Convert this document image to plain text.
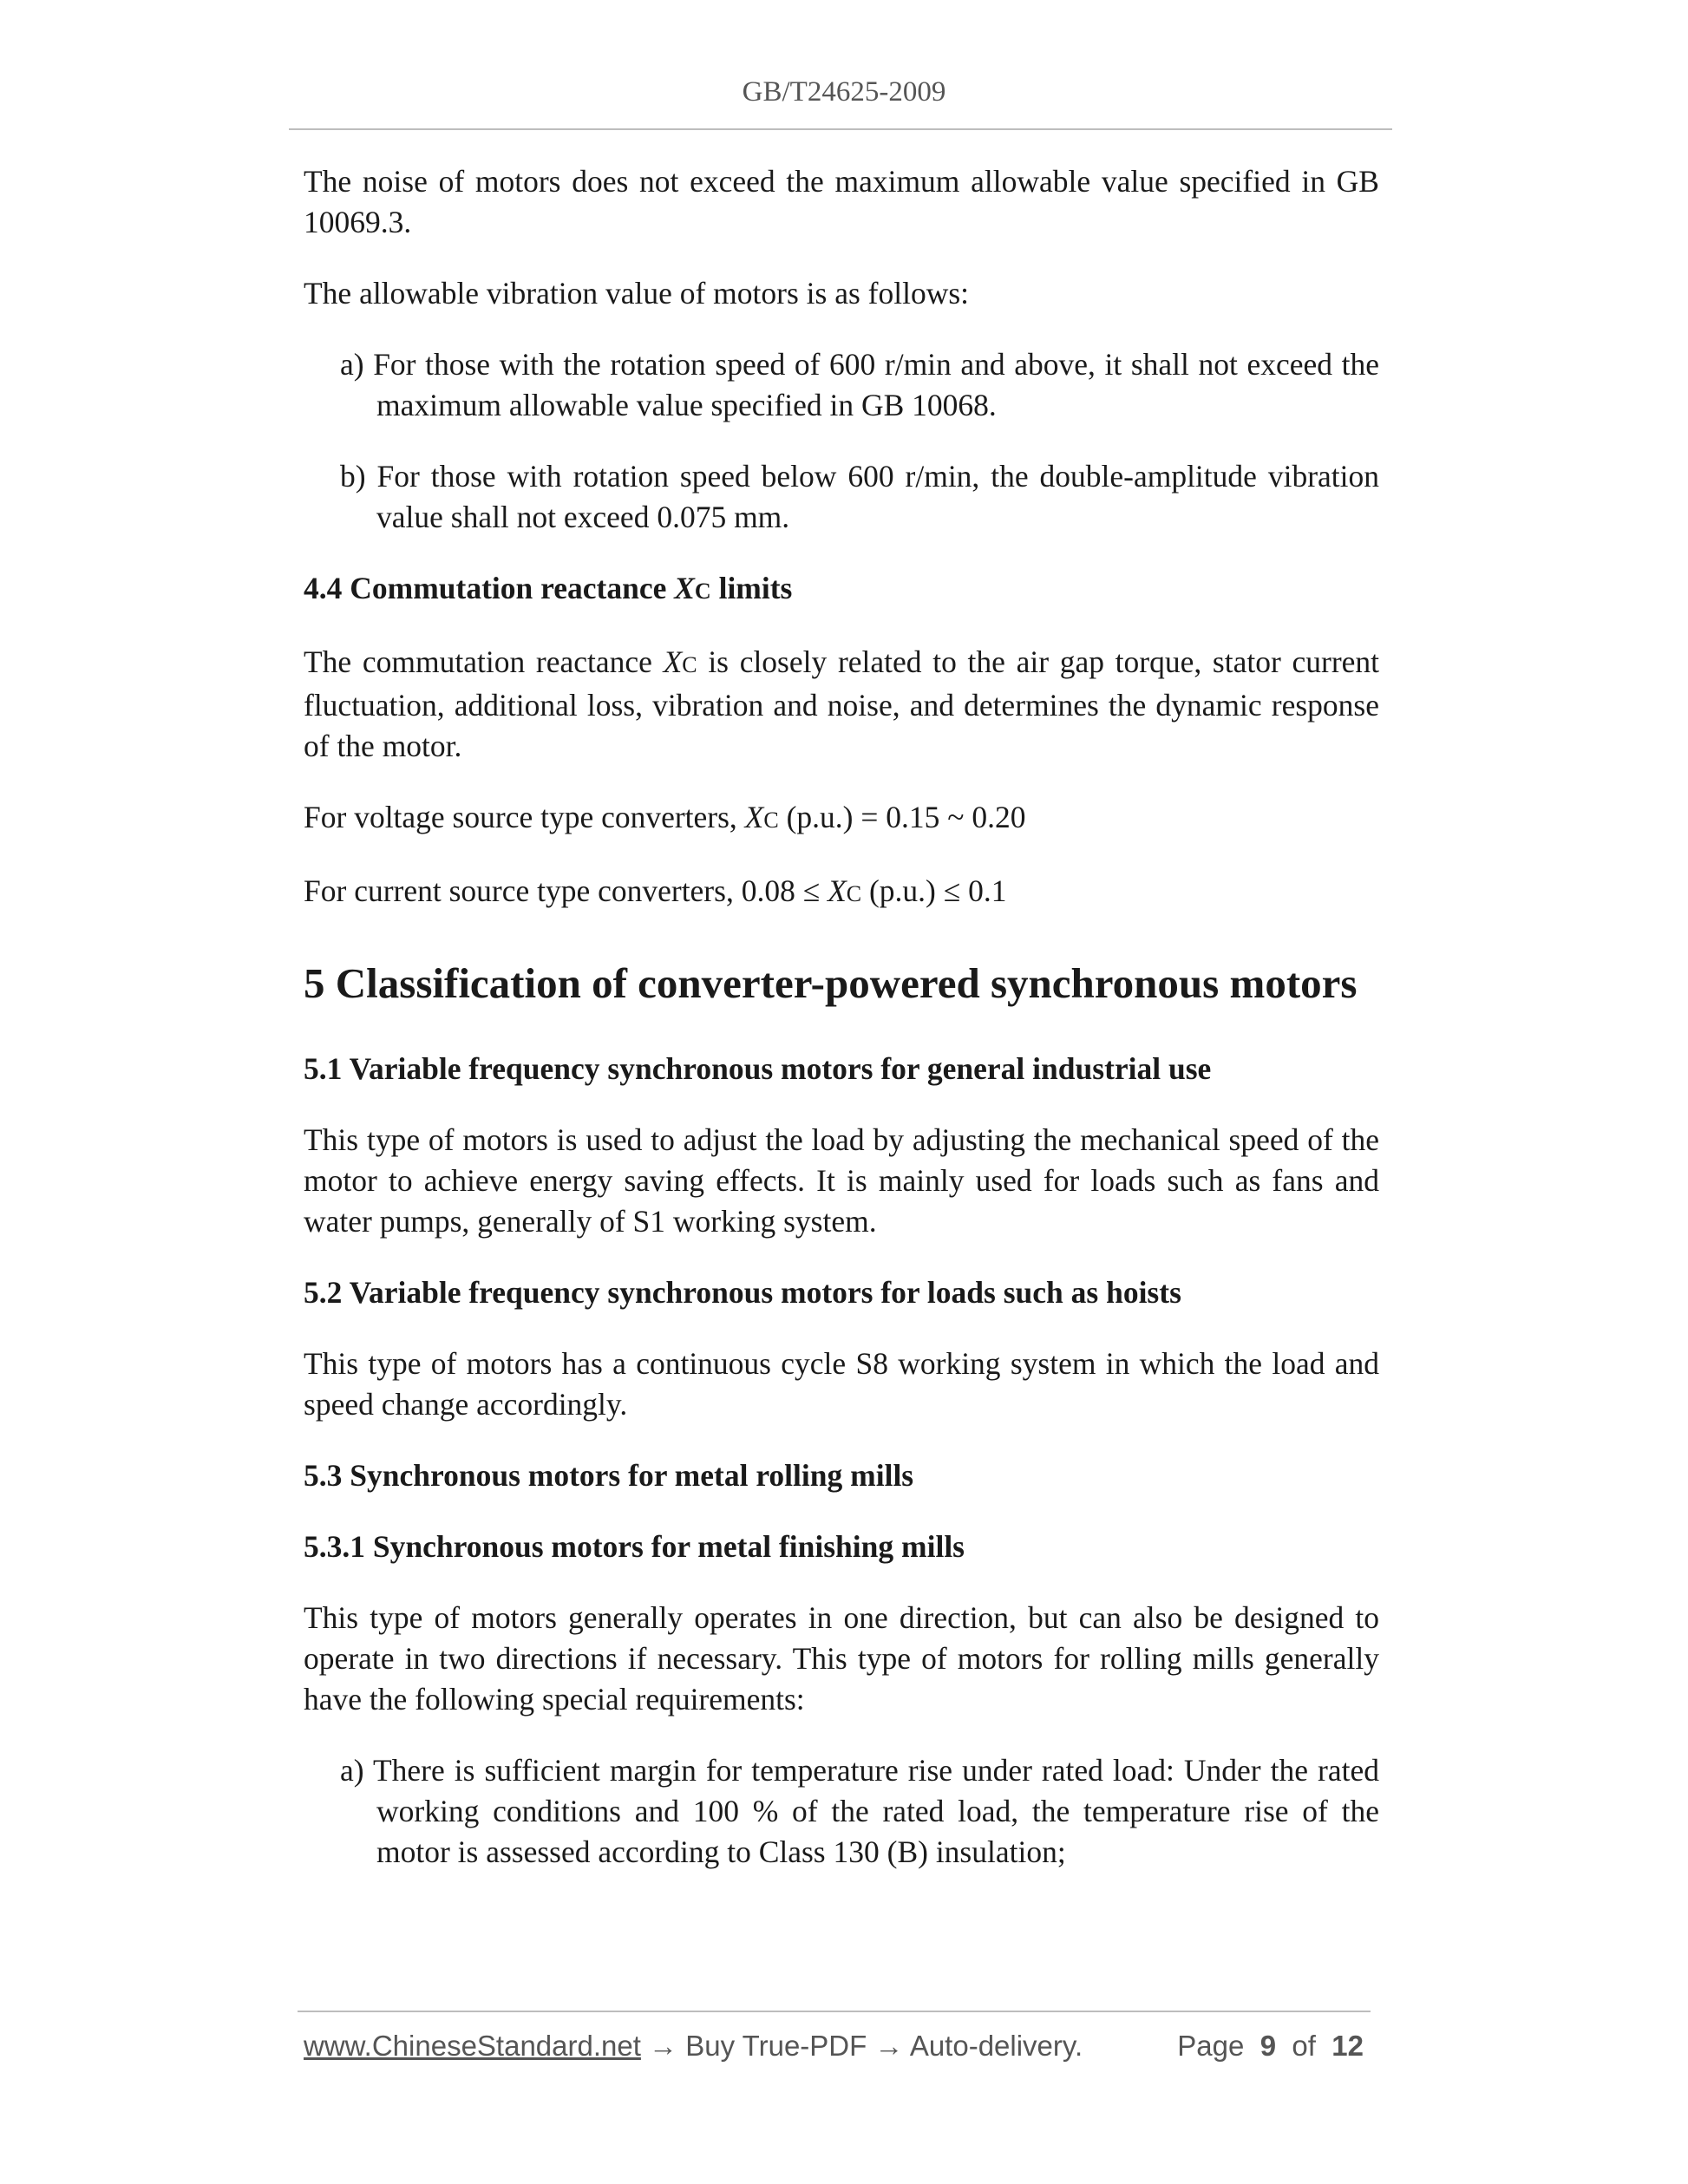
GB/T24625-2009

The noise of motors does not exceed the maximum allowable value specified in GB 10069.3.

The allowable vibration value of motors is as follows:

a) For those with the rotation speed of 600 r/min and above, it shall not exceed the maximum allowable value specified in GB 10068.

b) For those with rotation speed below 600 r/min, the double-amplitude vibration value shall not exceed 0.075 mm.

4.4 Commutation reactance XC limits

The commutation reactance XC is closely related to the air gap torque, stator current fluctuation, additional loss, vibration and noise, and determines the dynamic response of the motor.

For voltage source type converters, XC (p.u.) = 0.15 ~ 0.20

For current source type converters, 0.08 ≤ XC (p.u.) ≤ 0.1

5 Classification of converter-powered synchronous motors

5.1 Variable frequency synchronous motors for general industrial use

This type of motors is used to adjust the load by adjusting the mechanical speed of the motor to achieve energy saving effects. It is mainly used for loads such as fans and water pumps, generally of S1 working system.

5.2 Variable frequency synchronous motors for loads such as hoists

This type of motors has a continuous cycle S8 working system in which the load and speed change accordingly.

5.3 Synchronous motors for metal rolling mills

5.3.1 Synchronous motors for metal finishing mills

This type of motors generally operates in one direction, but can also be designed to operate in two directions if necessary. This type of motors for rolling mills generally have the following special requirements:

a) There is sufficient margin for temperature rise under rated load: Under the rated working conditions and 100 % of the rated load, the temperature rise of the motor is assessed according to Class 130 (B) insulation;

www.ChineseStandard.net → Buy True-PDF → Auto-delivery.	Page 9 of 12
